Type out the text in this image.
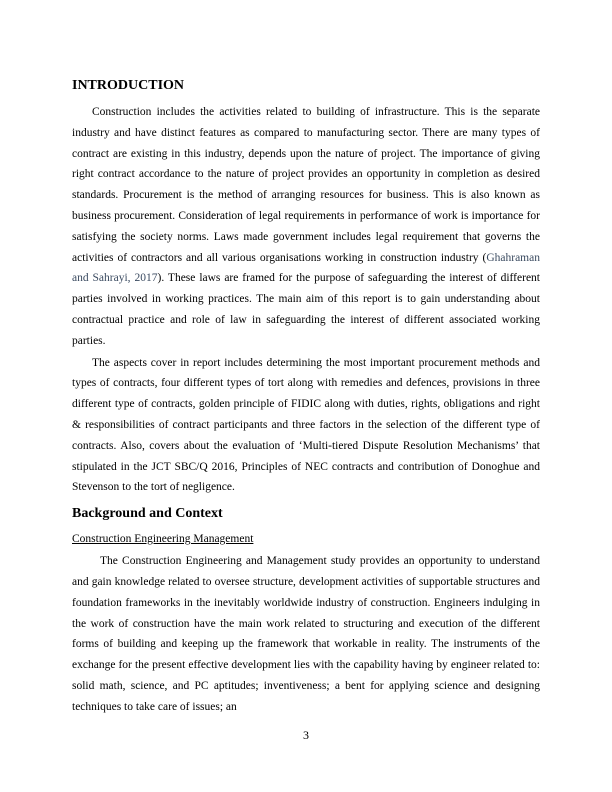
INTRODUCTION

Construction includes the activities related to building of infrastructure. This is the separate industry and have distinct features as compared to manufacturing sector. There are many types of contract are existing in this industry, depends upon the nature of project. The importance of giving right contract accordance to the nature of project provides an opportunity in completion as desired standards. Procurement is the method of arranging resources for business. This is also known as business procurement. Consideration of legal requirements in performance of work is importance for satisfying the society norms. Laws made government includes legal requirement that governs the activities of contractors and all various organisations working in construction industry (Ghahraman and Sahrayi, 2017). These laws are framed for the purpose of safeguarding the interest of different parties involved in working practices. The main aim of this report is to gain understanding about contractual practice and role of law in safeguarding the interest of different associated working parties.

The aspects cover in report includes determining the most important procurement methods and types of contracts, four different types of tort along with remedies and defences, provisions in three different type of contracts, golden principle of FIDIC along with duties, rights, obligations and right & responsibilities of contract participants and three factors in the selection of the different type of contracts. Also, covers about the evaluation of ‘Multi-tiered Dispute Resolution Mechanisms’ that stipulated in the JCT SBC/Q 2016, Principles of NEC contracts and contribution of Donoghue and Stevenson to the tort of negligence.

Background and Context
Construction Engineering Management

The Construction Engineering and Management study provides an opportunity to understand and gain knowledge related to oversee structure, development activities of supportable structures and foundation frameworks in the inevitably worldwide industry of construction. Engineers indulging in the work of construction have the main work related to structuring and execution of the different forms of building and keeping up the framework that workable in reality. The instruments of the exchange for the present effective development lies with the capability having by engineer related to: solid math, science, and PC aptitudes; inventiveness; a bent for applying science and designing techniques to take care of issues; an

3
